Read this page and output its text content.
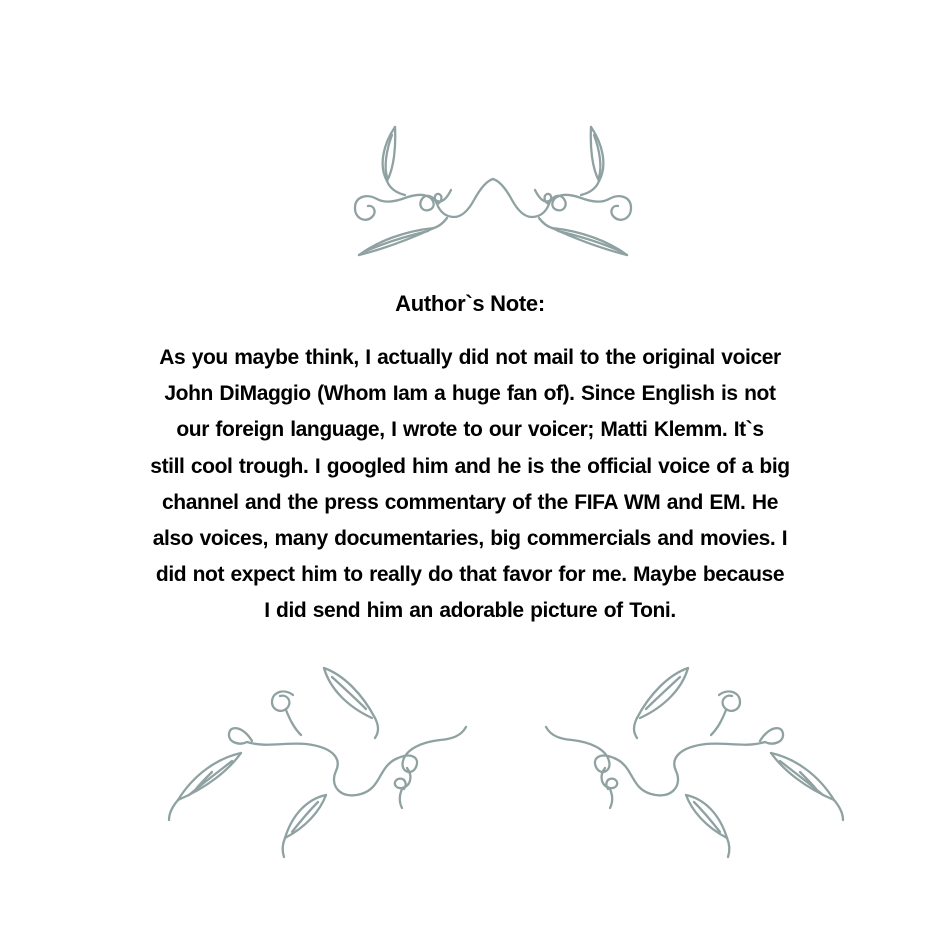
Author`s Note:
As you maybe think, I actually did not mail to the original voicer
John DiMaggio (Whom Iam a huge fan of). Since English is not
our foreign language, I wrote to our voicer; Matti Klemm. It`s
still cool trough. I googled him and he is the official voice of a big
channel and the press commentary of the FIFA WM and EM. He
also voices, many documentaries, big commercials and movies. I
did not expect him to really do that favor for me. Maybe because
I did send him an adorable picture of Toni.
